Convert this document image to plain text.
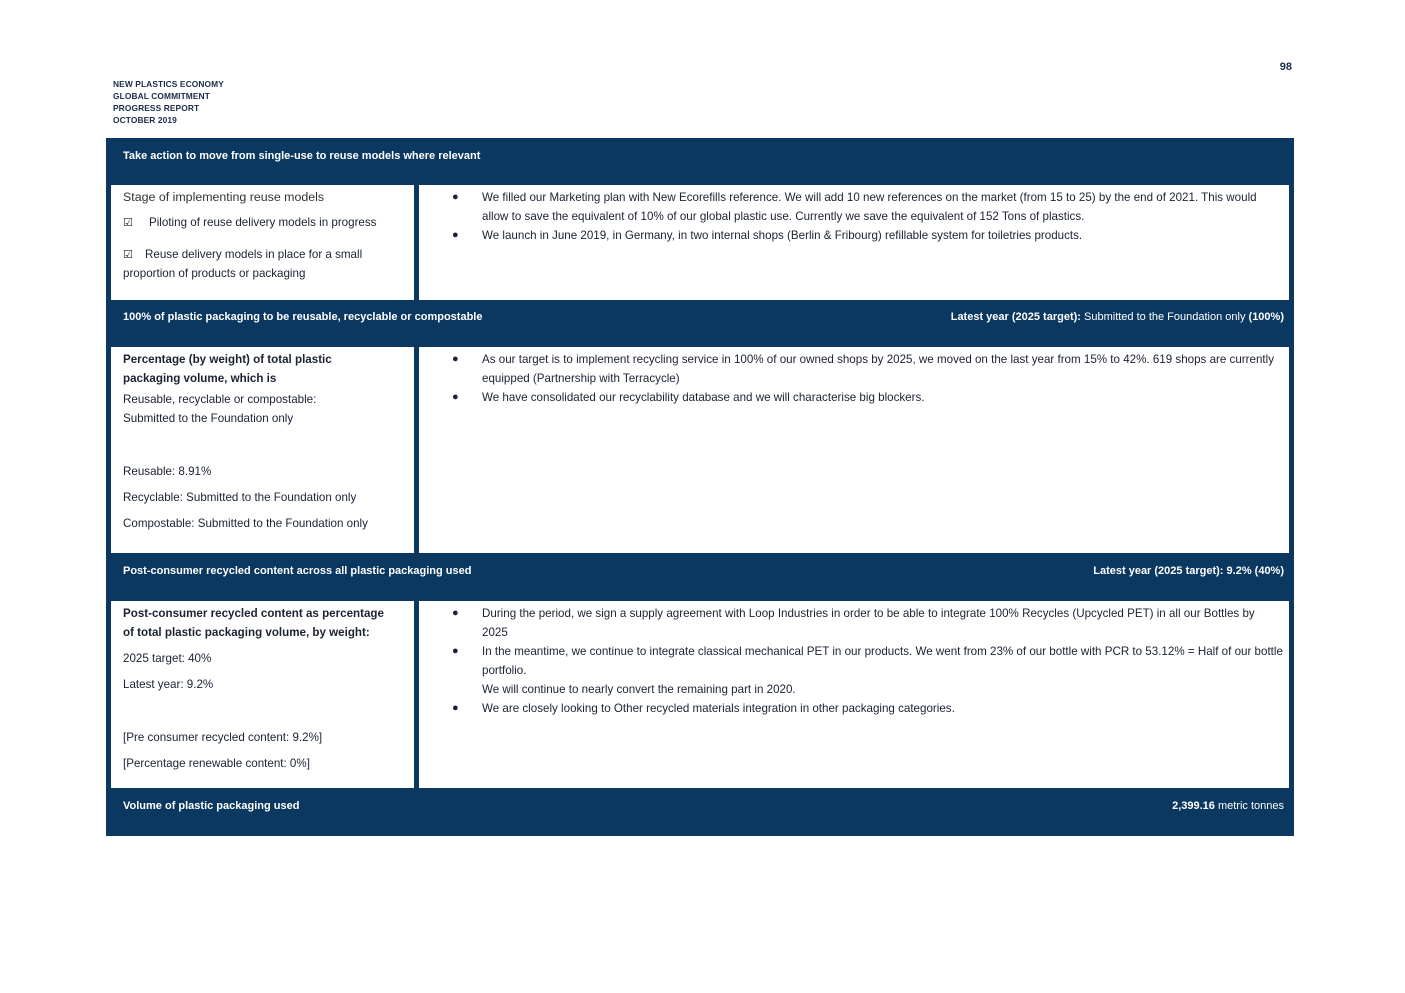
98
NEW PLASTICS ECONOMY
GLOBAL COMMITMENT
PROGRESS REPORT
OCTOBER 2019
Take action to move from single-use to reuse models where relevant

Stage of implementing reuse models

☑ Piloting of reuse delivery models in progress

☑ Reuse delivery models in place for a small
proportion of products or packaging

● We filled our Marketing plan with New Ecorefills reference. We will add 10 new references on the market (from 15 to 25) by the end of 2021. This would allow to save the equivalent of 10% of our global plastic use. Currently we save the equivalent of 152 Tons of plastics.
● We launch in June 2019, in Germany, in two internal shops (Berlin & Fribourg) refillable system for toiletries products.
100% of plastic packaging to be reusable, recyclable or compostable	Latest year (2025 target): Submitted to the Foundation only (100%)

Percentage (by weight) of total plastic
packaging volume, which is

Reusable, recyclable or compostable:
Submitted to the Foundation only

Reusable: 8.91%

Recyclable: Submitted to the Foundation only

Compostable: Submitted to the Foundation only

● As our target is to implement recycling service in 100% of our owned shops by 2025, we moved on the last year from 15% to 42%. 619 shops are currently equipped (Partnership with Terracycle)
● We have consolidated our recyclability database and we will characterise big blockers.
Post-consumer recycled content across all plastic packaging used	Latest year (2025 target): 9.2% (40%)

Post-consumer recycled content as percentage
of total plastic packaging volume, by weight:

2025 target: 40%

Latest year: 9.2%

[Pre consumer recycled content: 9.2%]

[Percentage renewable content: 0%]

● During the period, we sign a supply agreement with Loop Industries in order to be able to integrate 100% Recycles (Upcycled PET) in all our Bottles by 2025
● In the meantime, we continue to integrate classical mechanical PET in our products. We went from 23% of our bottle with PCR to 53.12% = Half of our bottle portfolio.
We will continue to nearly convert the remaining part in 2020.
● We are closely looking to Other recycled materials integration in other packaging categories.
Volume of plastic packaging used	2,399.16 metric tonnes
